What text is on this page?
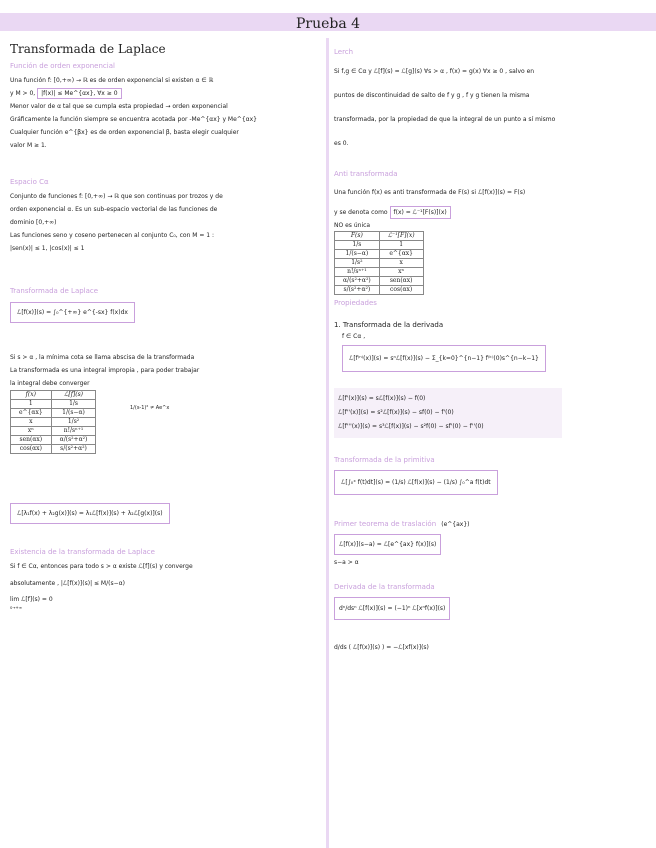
Prueba 4
Transformada de Laplace
Función de orden exponencial

Una función f: [0,+∞) → ℝ es de orden exponencial si existen α ∈ ℝ

y M > 0, |f(x)| ≤ Me^{αx}, ∀x ≥ 0

Menor valor de α tal que se cumpla esta propiedad → orden exponencial

Gráficamente la función siempre se encuentra acotada por -Me^{αx} y Me^{αx}

Cualquier función e^{βx} es de orden exponencial β, basta elegir cualquier

valor M ≥ 1.

Espacio Cα

Conjunto de funciones f: [0,+∞) → ℝ que son continuas por trozos y de

orden exponencial α. Es un sub-espacio vectorial de las funciones de

dominio [0,+∞)

Las funciones seno y coseno pertenecen al conjunto C₀, con M = 1 :

|sen(x)| ≤ 1, |cos(x)| ≤ 1

Transformada de Laplace
ℒ[f(x)](s) = ∫₀^{+∞} e^{-sx} f(x)dx

Si s > α , la mínima cota se llama abscisa de la transformada

La transformada es una integral impropia , para poder trabajar

la integral debe converger

f(x)	ℒ[f](s)
1	1/s
e^{αx}	1/(s−α)
x	1/s²
xⁿ	n!/sⁿ⁺¹
sen(αx)	α/(s²+α²)
cos(αx)	s/(s²+α²)
1/(s-1)² ≠ Ae^x
ℒ[λ₁f(x) + λ₂g(x)](s) = λ₁ℒ[f(x)](s) + λ₂ℒ[g(x)](s)
Existencia de la transformada de Laplace

Si f ∈ Cα, entonces para todo s > α existe ℒ[f](s) y converge

absolutamente , |ℒ[f(x)](s)| ≤ M/(s−α)

lim ℒ[f](s) = 0

s→+∞

Lerch

Si f,g ∈ Cα y ℒ[f](s) = ℒ[g](s) ∀s > α , f(x) = g(x) ∀x ≥ 0 , salvo en

puntos de discontinuidad de salto de f y g , f y g tienen la misma

transformada, por la propiedad de que la integral de un punto a sí mismo

es 0.

Anti transformada

Una función f(x) es anti transformada de F(s) si ℒ[f(x)](s) = F(s)

y se denota como f(x) = ℒ⁻¹[F(s)](x)

NO es única

F(s)	ℒ⁻¹[F](x)
1/s	1
1/(s−α)	e^{αx}
1/s²	x
n!/sⁿ⁺¹	xⁿ
α/(s²+α²)	sen(αx)
s/(s²+α²)	cos(αx)
Propiedades

1. Transformada de la derivada

f ∈ Cα ,

ℒ[f⁽ⁿ⁾(x)](s) = sⁿℒ[f(x)](s) − Σ_{k=0}^{n−1} f⁽ᵏ⁾(0)s^{n−k−1}

ℒ[f'(x)](s) = sℒ[f(x)](s) − f(0)

ℒ[f''(x)](s) = s²ℒ[f(x)](s) − sf(0) − f'(0)

ℒ[f'''(x)](s) = s³ℒ[f(x)](s) − s²f(0) − sf'(0) − f''(0)

Transformada de la primitiva
ℒ[∫₀ˣ f(t)dt](s) = (1/s) ℒ[f(x)](s) − (1/s) ∫₀^a f(t)dt
Primer teorema de traslación (e^{ax})
ℒ[f(x)](s−a) = ℒ[e^{ax} f(x)](s)

s−a > α

Derivada de la transformada
dⁿ/dsⁿ ℒ[f(x)](s) = (−1)ⁿ ℒ[xⁿf(x)](s)

d/ds ( ℒ[f(x)](s) ) = −ℒ[xf(x)](s)
